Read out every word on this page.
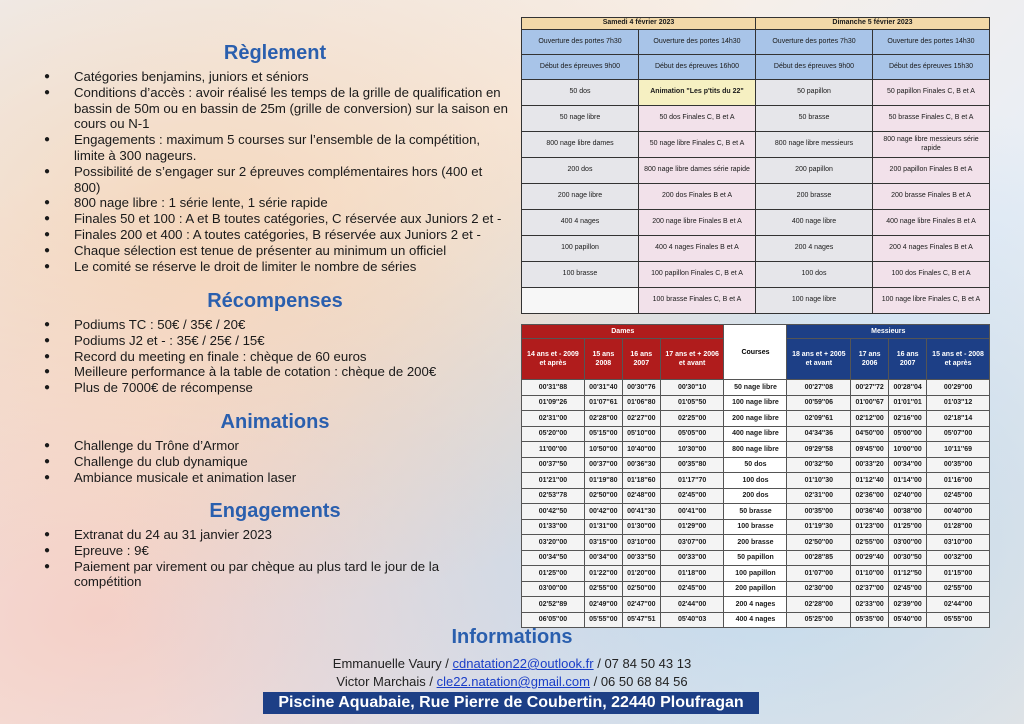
Règlement
● Catégories benjamins, juniors et séniors
● Conditions d’accès : avoir réalisé les temps de la grille de qualification en bassin de 50m ou en bassin de 25m (grille de conversion) sur la saison en cours ou N-1
● Engagements : maximum 5 courses sur l’ensemble de la compétition, limite à 300 nageurs.
● Possibilité de s’engager sur 2 épreuves complémentaires hors (400 et 800)
● 800 nage libre : 1 série lente, 1 série rapide
● Finales 50 et 100 : A et B toutes catégories, C réservée aux Juniors 2 et -
● Finales 200 et 400 : A toutes catégories, B réservée aux Juniors 2 et -
● Chaque sélection est tenue de présenter au minimum un officiel
● Le comité se réserve le droit de limiter le nombre de séries
Récompenses
● Podiums TC : 50€ / 35€ / 20€
● Podiums J2 et - : 35€ / 25€ / 15€
● Record du meeting en finale : chèque de 60 euros
● Meilleure performance à la table de cotation : chèque de 200€
● Plus de 7000€ de récompense
Animations
● Challenge du Trône d’Armor
● Challenge du club dynamique
● Ambiance musicale et animation laser
Engagements
● Extranat du 24 au 31 janvier 2023
● Epreuve : 9€
● Paiement par virement ou par chèque au plus tard le jour de la compétition
Samedi 4 février 2023		Dimanche 5 février 2023	
Ouverture des portes 7h30	Ouverture des portes 14h30	Ouverture des portes 7h30	Ouverture des portes 14h30
Début des épreuves 9h00	Début des épreuves 16h00	Début des épreuves 9h00	Début des épreuves 15h30
50 dos	Animation "Les p'tits du 22"	50 papillon	50 papillon Finales C, B et A
50 nage libre	50 dos Finales C, B et A	50 brasse	50 brasse Finales C, B et A
800 nage libre dames	50 nage libre Finales C, B et A	800 nage libre messieurs	800 nage libre messieurs série rapide
200 dos	800 nage libre dames série rapide	200 papillon	200 papillon Finales B et A
200 nage libre	200 dos Finales B et A	200 brasse	200 brasse Finales B et A
400 4 nages	200 nage libre Finales B et A	400 nage libre	400 nage libre Finales B et A
100 papillon	400 4 nages Finales B et A	200 4 nages	200 4 nages Finales B et A
100 brasse	100 papillon Finales C, B et A	100 dos	100 dos Finales C, B et A
	100 brasse Finales C, B et A	100 nage libre	100 nage libre Finales C, B et A
Dames				Courses	Messieurs			
14 ans et - 2009 et après	15 ans 2008	16 ans 2007	17 ans et + 2006 et avant		18 ans et + 2005 et avant	17 ans 2006	16 ans 2007	15 ans et - 2008 et après
00'31''88	00'31''40	00'30''76	00'30''10	50 nage libre	00'27''08	00'27''72	00'28''04	00'29''00
01'09''26	01'07''61	01'06''80	01'05''50	100 nage libre	00'59''06	01'00''67	01'01''01	01'03''12
02'31''00	02'28''00	02'27''00	02'25''00	200 nage libre	02'09''61	02'12''00	02'16''00	02'18''14
05'20''00	05'15''00	05'10''00	05'05''00	400 nage libre	04'34''36	04'50''00	05'00''00	05'07''00
11'00''00	10'50''00	10'40''00	10'30''00	800 nage libre	09'29''58	09'45''00	10'00''00	10'11''69
00'37''50	00'37''00	00'36''30	00'35''80	50 dos	00'32''50	00'33''20	00'34''00	00'35''00
01'21''00	01'19''80	01'18''60	01'17''70	100 dos	01'10''30	01'12''40	01'14''00	01'16''00
02'53''78	02'50''00	02'48''00	02'45''00	200 dos	02'31''00	02'36''00	02'40''00	02'45''00
00'42''50	00'42''00	00'41''30	00'41''00	50 brasse	00'35''00	00'36''40	00'38''00	00'40''00
01'33''00	01'31''00	01'30''00	01'29''00	100 brasse	01'19''30	01'23''00	01'25''00	01'28''00
03'20''00	03'15''00	03'10''00	03'07''00	200 brasse	02'50''00	02'55''00	03'00''00	03'10''00
00'34''50	00'34''00	00'33''50	00'33''00	50 papillon	00'28''85	00'29''40	00'30''50	00'32''00
01'25''00	01'22''00	01'20''00	01'18''00	100 papillon	01'07''00	01'10''00	01'12''50	01'15''00
03'00''00	02'55''00	02'50''00	02'45''00	200 papillon	02'30''00	02'37''00	02'45''00	02'55''00
02'52''89	02'49''00	02'47''00	02'44''00	200 4 nages	02'28''00	02'33''00	02'39''00	02'44''00
06'05''00	05'55''00	05'47''51	05'40''03	400 4 nages	05'25''00	05'35''00	05'40''00	05'55''00
Informations
Emmanuelle Vaury / cdnatation22@outlook.fr / 07 84 50 43 13
Victor Marchais / cle22.natation@gmail.com / 06 50 68 84 56
Piscine Aquabaie, Rue Pierre de Coubertin, 22440 Ploufragan
